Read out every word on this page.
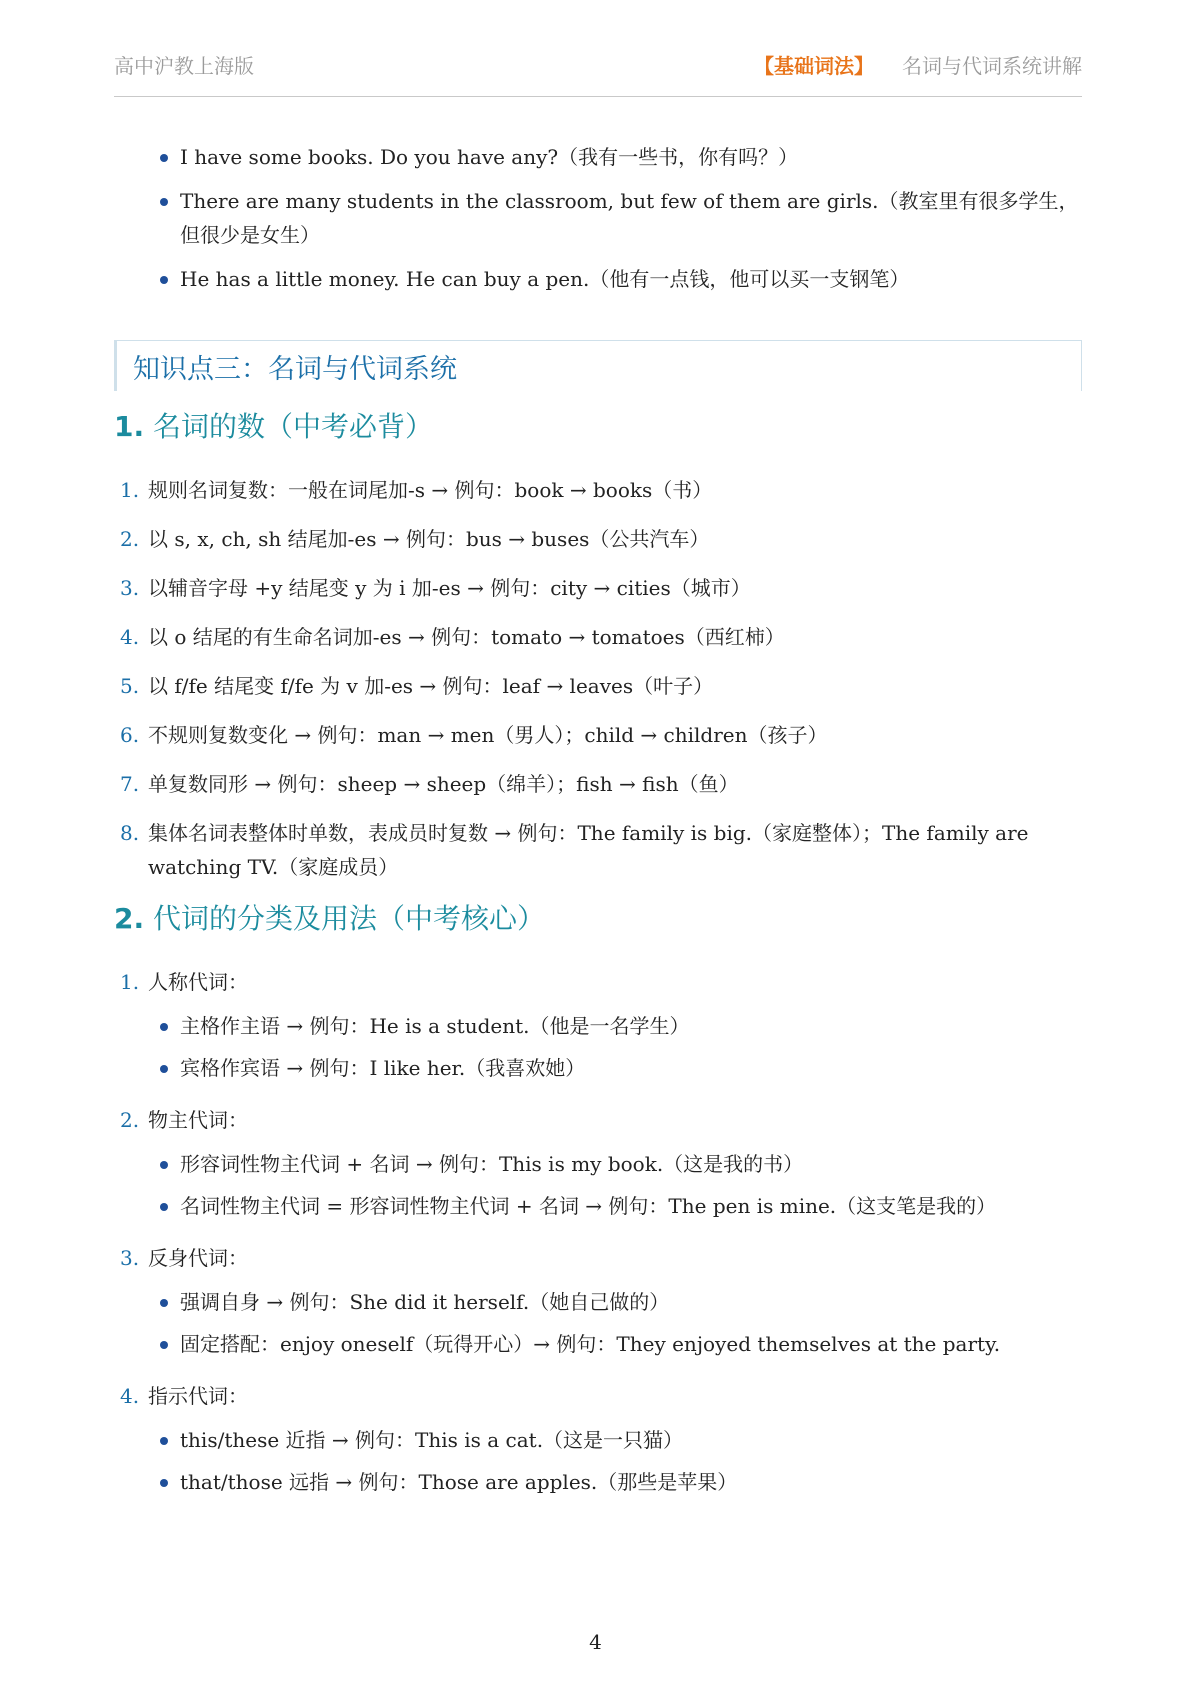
高中沪教上海版	【基础词法】 名词与代词系统讲解
I have some books. Do you have any?（我有一些书，你有吗？）
There are many students in the classroom, but few of them are girls.（教室里有很多学生，但很少是女生）
He has a little money. He can buy a pen.（他有一点钱，他可以买一支钢笔）
知识点三：名词与代词系统
1. 名词的数（中考必背）
1. 规则名词复数：一般在词尾加-s → 例句：book → books（书）
2. 以 s, x, ch, sh 结尾加-es → 例句：bus → buses（公共汽车）
3. 以辅音字母 +y 结尾变 y 为 i 加-es → 例句：city → cities（城市）
4. 以 o 结尾的有生命名词加-es → 例句：tomato → tomatoes（西红柿）
5. 以 f/fe 结尾变 f/fe 为 v 加-es → 例句：leaf → leaves（叶子）
6. 不规则复数变化 → 例句：man → men（男人）；child → children（孩子）
7. 单复数同形 → 例句：sheep → sheep（绵羊）；fish → fish（鱼）
8. 集体名词表整体时单数，表成员时复数 → 例句：The family is big.（家庭整体）；The family are watching TV.（家庭成员）
2. 代词的分类及用法（中考核心）
1. 人称代词：
主格作主语 → 例句：He is a student.（他是一名学生）
宾格作宾语 → 例句：I like her.（我喜欢她）
2. 物主代词：
形容词性物主代词 + 名词 → 例句：This is my book.（这是我的书）
名词性物主代词 = 形容词性物主代词 + 名词 → 例句：The pen is mine.（这支笔是我的）
3. 反身代词：
强调自身 → 例句：She did it herself.（她自己做的）
固定搭配：enjoy oneself（玩得开心）→ 例句：They enjoyed themselves at the party.
4. 指示代词：
this/these 近指 → 例句：This is a cat.（这是一只猫）
that/those 远指 → 例句：Those are apples.（那些是苹果）
4
